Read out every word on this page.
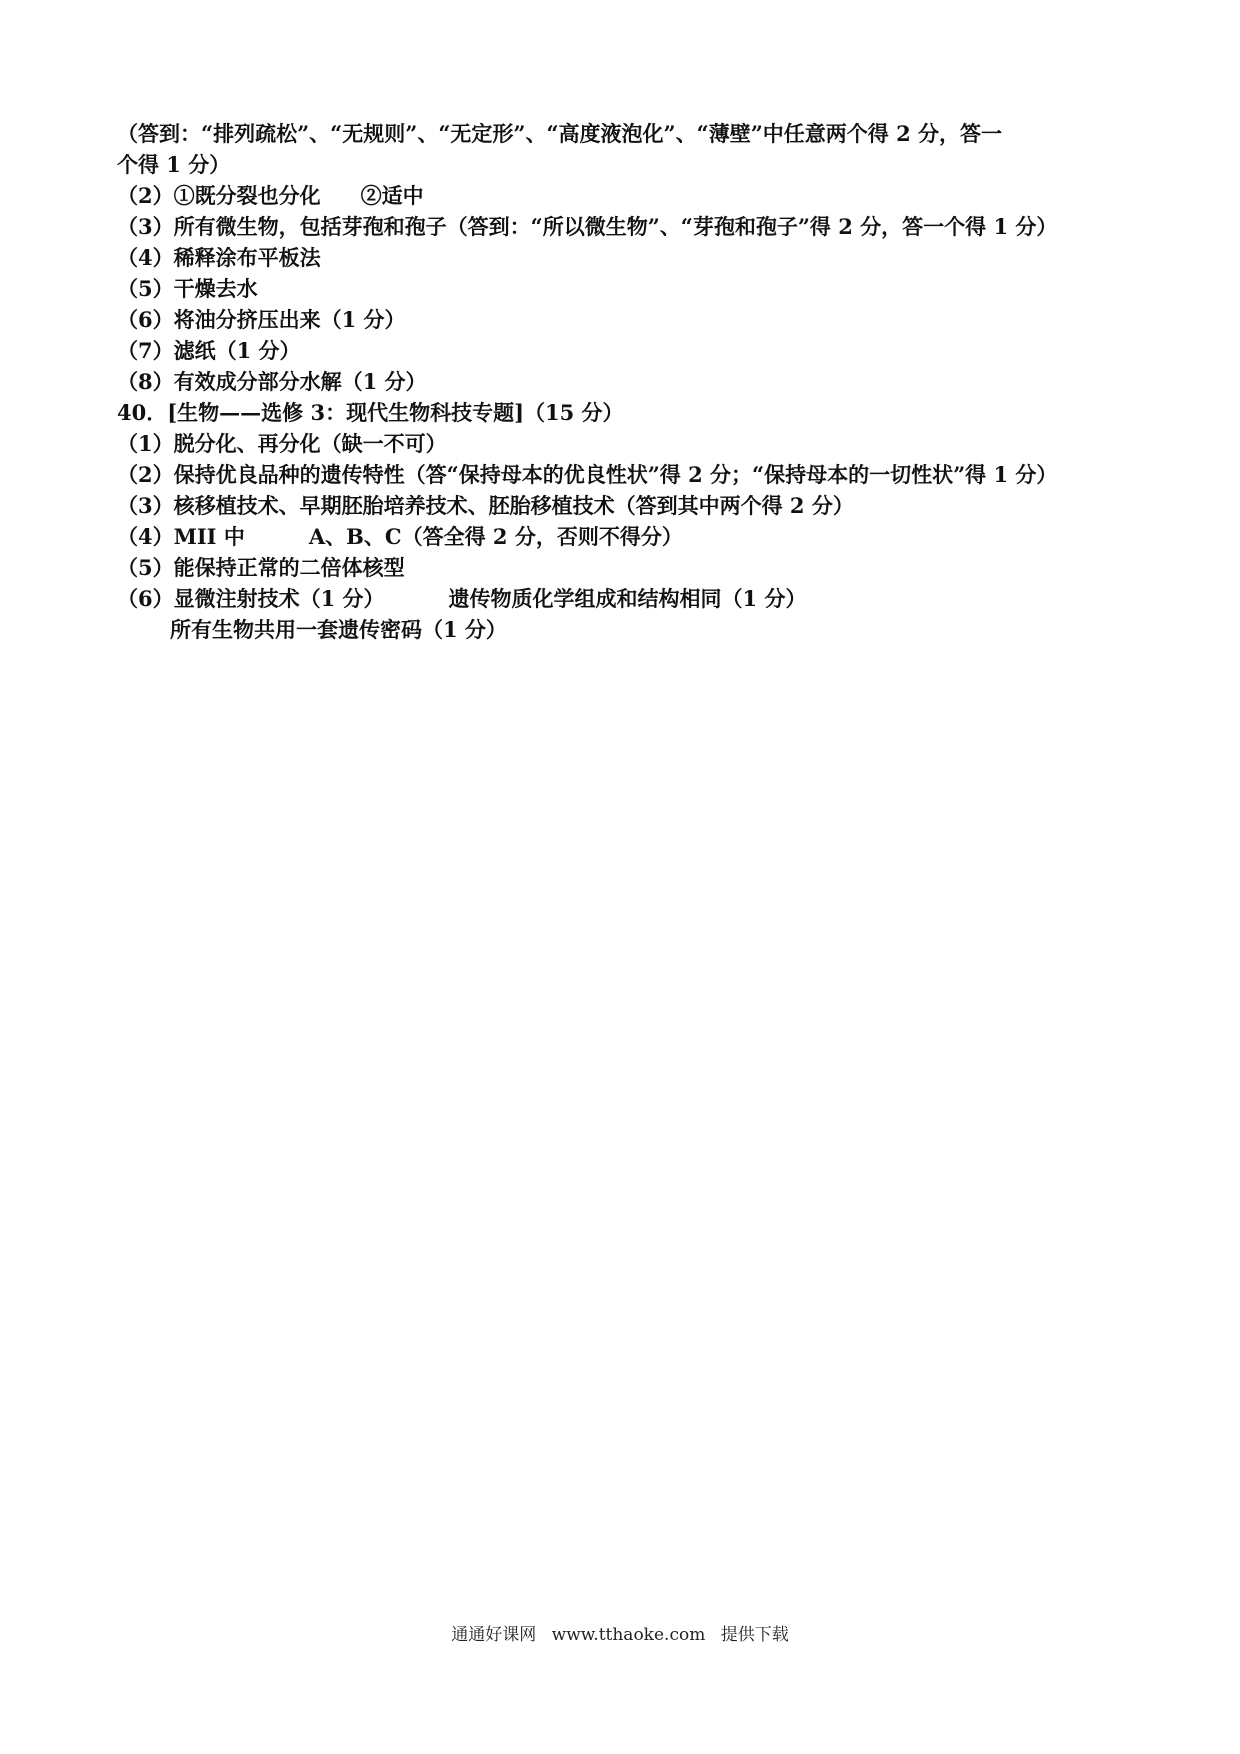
（答到：“排列疏松”、“无规则”、“无定形”、“高度液泡化”、“薄壁”中任意两个得 2 分，答一
个得 1 分）
（2）①既分裂也分化 ②适中
（3）所有微生物，包括芽孢和孢子（答到：“所以微生物”、“芽孢和孢子”得 2 分，答一个得 1 分）
（4）稀释涂布平板法
（5）干燥去水
（6）将油分挤压出来（1 分）
（7）滤纸（1 分）
（8）有效成分部分水解（1 分）
40．[生物——选修 3：现代生物科技专题]（15 分）
（1）脱分化、再分化（缺一不可）
（2）保持优良品种的遗传特性（答“保持母本的优良性状”得 2 分；“保持母本的一切性状”得 1 分）
（3）核移植技术、早期胚胎培养技术、胚胎移植技术（答到其中两个得 2 分）
（4）MII 中	A、B、C（答全得 2 分，否则不得分）
（5）能保持正常的二倍体核型
（6）显微注射技术（1 分）	遗传物质化学组成和结构相同（1 分）
所有生物共用一套遗传密码（1 分）
通通好课网 www.tthaoke.com 提供下载
